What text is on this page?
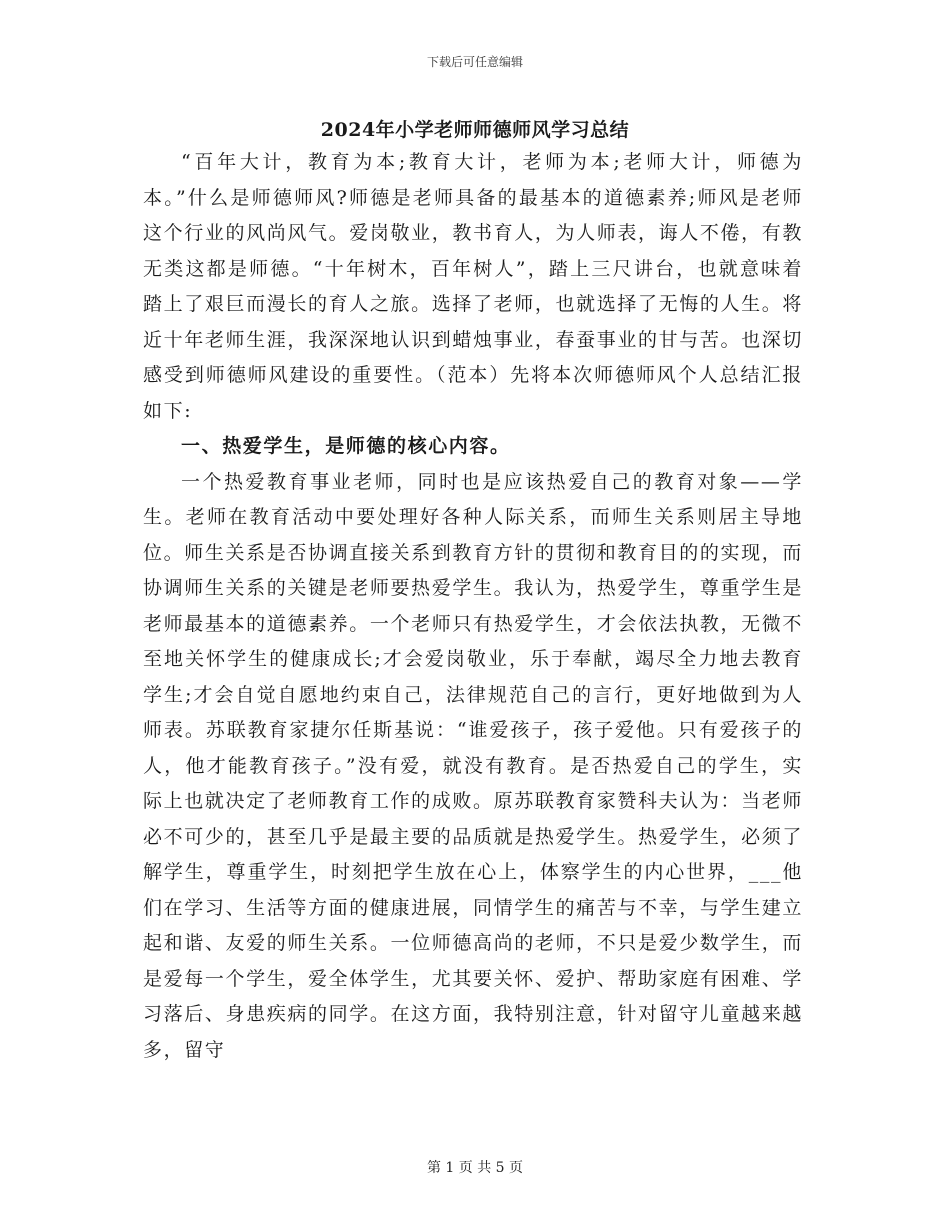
下载后可任意编辑
2024年小学老师师德师风学习总结

“百年大计，教育为本;教育大计，老师为本;老师大计，师德为本。”什么是师德师风?师德是老师具备的最基本的道德素养;师风是老师这个行业的风尚风气。爱岗敬业，教书育人，为人师表，诲人不倦，有教无类这都是师德。“十年树木，百年树人”，踏上三尺讲台，也就意味着踏上了艰巨而漫长的育人之旅。选择了老师，也就选择了无悔的人生。将近十年老师生涯，我深深地认识到蜡烛事业，春蚕事业的甘与苦。也深切感受到师德师风建设的重要性。（范本）先将本次师德师风个人总结汇报如下:

一、热爱学生，是师德的核心内容。

一个热爱教育事业老师，同时也是应该热爱自己的教育对象——学生。老师在教育活动中要处理好各种人际关系，而师生关系则居主导地位。师生关系是否协调直接关系到教育方针的贯彻和教育目的的实现，而协调师生关系的关键是老师要热爱学生。我认为，热爱学生，尊重学生是老师最基本的道德素养。一个老师只有热爱学生，才会依法执教，无微不至地关怀学生的健康成长;才会爱岗敬业，乐于奉献，竭尽全力地去教育学生;才会自觉自愿地约束自己，法律规范自己的言行，更好地做到为人师表。苏联教育家捷尔任斯基说：“谁爱孩子，孩子爱他。只有爱孩子的人，他才能教育孩子。”没有爱，就没有教育。是否热爱自己的学生，实际上也就决定了老师教育工作的成败。原苏联教育家赞科夫认为：当老师必不可少的，甚至几乎是最主要的品质就是热爱学生。热爱学生，必须了解学生，尊重学生，时刻把学生放在心上，体察学生的内心世界，___他们在学习、生活等方面的健康进展，同情学生的痛苦与不幸，与学生建立起和谐、友爱的师生关系。一位师德高尚的老师，不只是爱少数学生，而是爱每一个学生，爱全体学生，尤其要关怀、爱护、帮助家庭有困难、学习落后、身患疾病的同学。在这方面，我特别注意，针对留守儿童越来越多，留守

第 1 页 共 5 页
